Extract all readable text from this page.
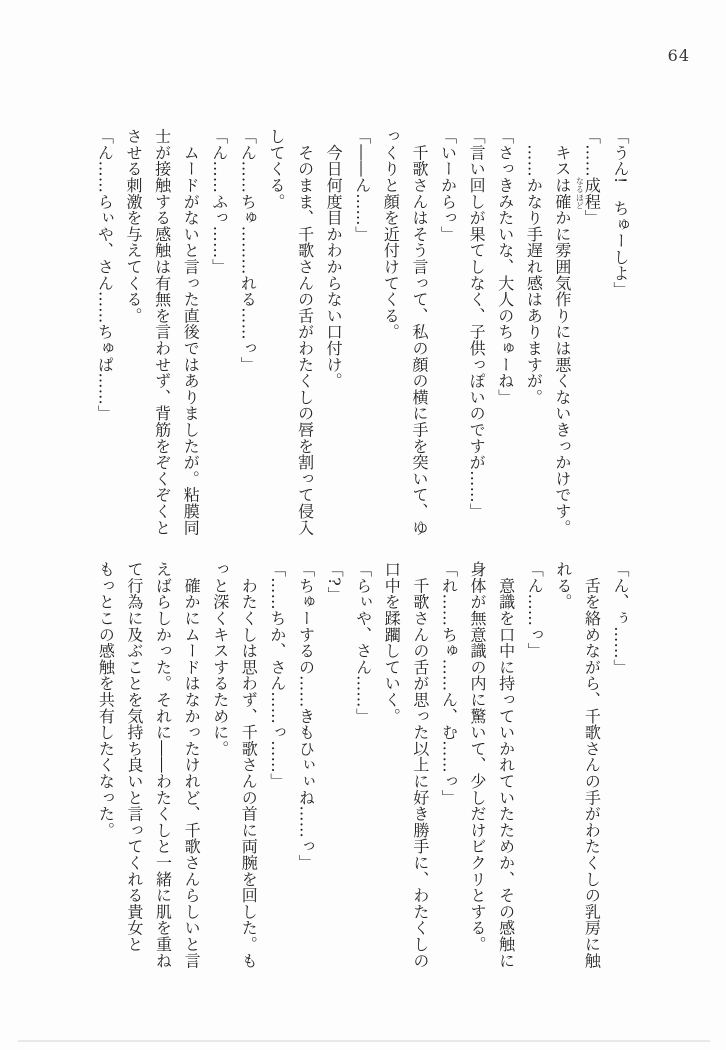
64
「うん!　ちゅーしよ」
「……成程なるほど」
　キスは確かに雰囲気作りには悪くないきっかけです。
　……かなり手遅れ感はありますが。
「さっきみたいな、大人のちゅーね」
「言い回しが果てしなく、子供っぽいのですが……」
「いーからっ」
　千歌さんはそう言って、私の顔の横に手を突いて、ゆ
っくりと顔を近付けてくる。
「――ん……」
　今日何度目かわからない口付け。
　そのまま、千歌さんの舌がわたくしの唇を割って侵入
してくる。
「ん……ちゅ………れる……っ」
「ん……ふっ……」
　ムードがないと言った直後ではありましたが。粘膜同
士が接触する感触は有無を言わせず、背筋をぞくぞくと
させる刺激を与えてくる。
「ん……らぃや、さん……ちゅぱ……」
「ん、ぅ……」
　舌を絡めながら、千歌さんの手がわたくしの乳房に触
れる。
「ん……っ」
　意識を口中に持っていかれていたためか、その感触に
身体が無意識の内に驚いて、少しだけビクリとする。
「れ……ちゅ……ん、む……っ」
　千歌さんの舌が思った以上に好き勝手に、わたくしの
口中を蹂躙していく。
「らぃや、さん……」
「?」
「ちゅーするの……きもひぃぃね……っ」
「……ちか、さん……っ……」
　わたくしは思わず、千歌さんの首に両腕を回した。も
っと深くキスするために。
　確かにムードはなかったけれど、千歌さんらしいと言
えばらしかった。それに――わたくしと一緒に肌を重ね
て行為に及ぶことを気持ち良いと言ってくれる貴女と
もっとこの感触を共有したくなった。
